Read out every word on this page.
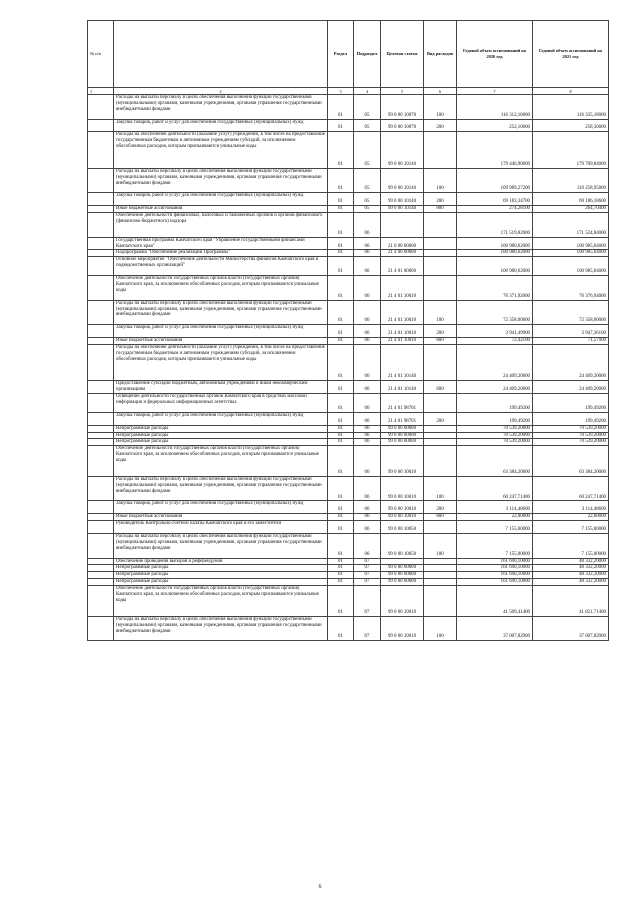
№ п/п		Раздел	Подраздел	Целевая статья	Вид расходов	Годовой объем ассигнований на 2020 год	Годовой объем ассигнований на 2021 год
1	2	3	4	5	6	7	8
	Расходы на выплаты персоналу в целях обеспечения выполнения функций государственными (муниципальными) органами, казенными учреждениями, органами управления государственными внебюджетными фондами	01	05	99 0 00 10070	100	116 312,18000	116 335,18000
	Закупка товаров, работ и услуг для обеспечения государственных (муниципальных) нужд	01	05	99 0 00 10070	200	252,10000	258,30000
	Расходы на обеспечение деятельности (оказание услуг) учреждений, в том числе на предоставление государственным бюджетным и автономным учреждениям субсидий, за исключением обособленных расходов, которым присваиваются уникальные коды	01	05	99 0 00 10140		179 446,90000	179 709,84000
	Расходы на выплаты персоналу в целях обеспечения выполнения функций государственными (муниципальными) органами, казенными учреждениями, органами управления государственными внебюджетными фондами	01	05	99 0 00 10140	100	109 989,27200	110 258,95000
	Закупка товаров, работ и услуг для обеспечения государственных (муниципальных) нужд	01	05	99 0 00 10140	200	69 183,34700	69 186,18600
	Иные бюджетные ассигнования	01	05	99 0 00 10140	800	274,28100	264,70400
	Обеспечение деятельности финансовых, налоговых и таможенных органов и органов финансового (финансово-бюджетного) надзора	01	06			171 519,82000	171 524,84000
	Государственная программа Камчатского края "Управление государственными финансами Камчатского края"	01	06	21 0 00 00000		100 980,62000	100 985,64000
	Подпрограмма "Обеспечение реализации Программы"	01	06	21 4 00 00000		100 980,62000	100 985,64000
	Основное мероприятие "Обеспечение деятельности Министерства финансов Камчатского края и подведомственных организаций"	01	06	21 4 01 00000		100 980,62000	100 985,64000
	Обеспечение деятельности государственных органов власти (государственных органов) Камчатского края, за исключением обособленных расходов, которым присваиваются уникальные коды	01	06	21 4 01 10010		76 371,92000	76 376,94000
	Расходы на выплаты персоналу в целях обеспечения выполнения функций государственными (муниципальными) органами, казенными учреждениями, органами управления государственными внебюджетными фондами	01	06	21 4 01 10010	100	72 358,00000	72 358,00000
	Закупка товаров, работ и услуг для обеспечения государственных (муниципальных) нужд	01	06	21 4 01 10010	200	3 941,49900	3 947,36100
	Иные бюджетные ассигнования	01	06	21 4 01 10010	800	72,42100	71,57900
	Расходы на обеспечение деятельности (оказание услуг) учреждений, в том числе на предоставление государственным бюджетным и автономным учреждениям субсидий, за исключением обособленных расходов, которым присваиваются уникальные коды	01	06	21 4 01 10140		24 409,20000	24 409,20000
	Предоставление субсидий бюджетным, автономным учреждениям и иным некоммерческим организациям	01	06	21 4 01 10140	600	24 409,20000	24 409,20000
	Освещение деятельности государственных органов Камчатского края в средствах массовой информации и федеральных информационных агентствах	01	06	21 4 01 98701		199,49200	199,49200
	Закупка товаров, работ и услуг для обеспечения государственных (муниципальных) нужд	01	06	21 4 01 98701	200	199,49200	199,49200
	Непрограммные расходы	01	06	99 0 00 00000		70 539,20000	70 539,20000
	Непрограммные расходы	01	06	99 0 00 00000		70 539,20000	70 539,20000
	Непрограммные расходы	01	06	99 0 00 00000		70 539,20000	70 539,20000
	Обеспечение деятельности государственных органов власти (государственных органов) Камчатского края, за исключением обособленных расходов, которым присваиваются уникальные коды	01	06	99 0 00 10010		63 384,20000	63 384,20000
	Расходы на выплаты персоналу в целях обеспечения выполнения функций государственными (муниципальными) органами, казенными учреждениями, органами управления государственными внебюджетными фондами	01	06	99 0 00 10010	100	60 247,71400	60 247,71400
	Закупка товаров, работ и услуг для обеспечения государственных (муниципальных) нужд	01	06	99 0 00 10010	200	3 114,48600	3 114,48600
	Иные бюджетные ассигнования	01	06	99 0 00 10010	800	22,00000	22,00000
	Руководитель Контрольно-счетной палаты Камчатского края и его заместители	01	06	99 0 00 10050		7 155,00000	7 155,00000
	Расходы на выплаты персоналу в целях обеспечения выполнения функций государственными (муниципальными) органами, казенными учреждениями, органами управления государственными внебюджетными фондами	01	06	99 0 00 10050	100	7 155,00000	7 155,00000
	Обеспечение проведения выборов и референдумов	01	07			161 690,10000	48 332,20000
	Непрограммные расходы	01	07	99 0 00 00000		161 690,10000	48 332,20000
	Непрограммные расходы	01	07	99 0 00 00000		161 690,10000	48 332,20000
	Непрограммные расходы	01	07	99 0 00 00000		161 690,10000	48 332,20000
	Обеспечение деятельности государственных органов власти (государственных органов) Камчатского края, за исключением обособленных расходов, которым присваиваются уникальные коды	01	07	99 0 00 10010		41 509,41400	41 821,71400
	Расходы на выплаты персоналу в целях обеспечения выполнения функций государственными (муниципальными) органами, казенными учреждениями, органами управления государственными внебюджетными фондами	01	07	99 0 00 10010	100	37 007,82900	37 007,82900
6
